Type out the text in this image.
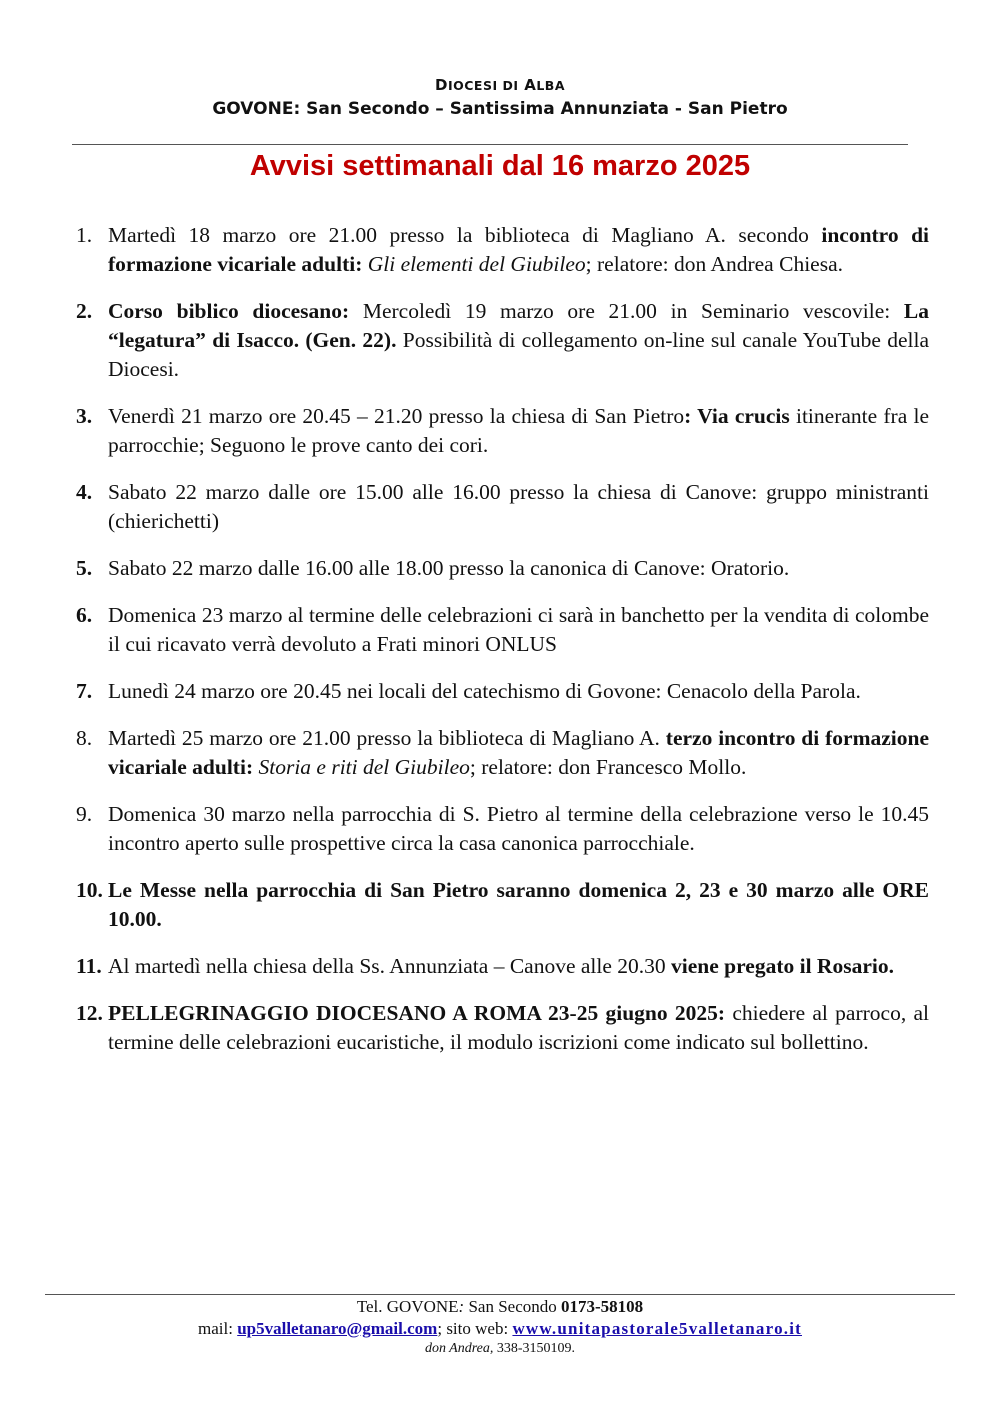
DIOCESI DI ALBA
GOVONE: San Secondo – Santissima Annunziata - San Pietro
Avvisi settimanali dal 16 marzo 2025
1. Martedì 18 marzo ore 21.00 presso la biblioteca di Magliano A. secondo incontro di formazione vicariale adulti: Gli elementi del Giubileo; relatore: don Andrea Chiesa.
2. Corso biblico diocesano: Mercoledì 19 marzo ore 21.00 in Seminario vescovile: La “legatura” di Isacco. (Gen. 22). Possibilità di collegamento on-line sul canale YouTube della Diocesi.
3. Venerdì 21 marzo ore 20.45 – 21.20 presso la chiesa di San Pietro: Via crucis itinerante fra le parrocchie; Seguono le prove canto dei cori.
4. Sabato 22 marzo dalle ore 15.00 alle 16.00 presso la chiesa di Canove: gruppo ministranti (chierichetti)
5. Sabato 22 marzo dalle 16.00 alle 18.00 presso la canonica di Canove: Oratorio.
6. Domenica 23 marzo al termine delle celebrazioni ci sarà in banchetto per la vendita di colombe il cui ricavato verrà devoluto a Frati minori ONLUS
7. Lunedì 24 marzo ore 20.45 nei locali del catechismo di Govone: Cenacolo della Parola.
8. Martedì 25 marzo ore 21.00 presso la biblioteca di Magliano A. terzo incontro di formazione vicariale adulti: Storia e riti del Giubileo; relatore: don Francesco Mollo.
9. Domenica 30 marzo nella parrocchia di S. Pietro al termine della celebrazione verso le 10.45 incontro aperto sulle prospettive circa la casa canonica parrocchiale.
10. Le Messe nella parrocchia di San Pietro saranno domenica 2, 23 e 30 marzo alle ORE 10.00.
11. Al martedì nella chiesa della Ss. Annunziata – Canove alle 20.30 viene pregato il Rosario.
12. PELLEGRINAGGIO DIOCESANO A ROMA 23-25 giugno 2025: chiedere al parroco, al termine delle celebrazioni eucaristiche, il modulo iscrizioni come indicato sul bollettino.
Tel. GOVONE: San Secondo 0173-58108
mail: up5valletanaro@gmail.com; sito web: www.unitapastorale5valletanaro.it
don Andrea, 338-3150109.
